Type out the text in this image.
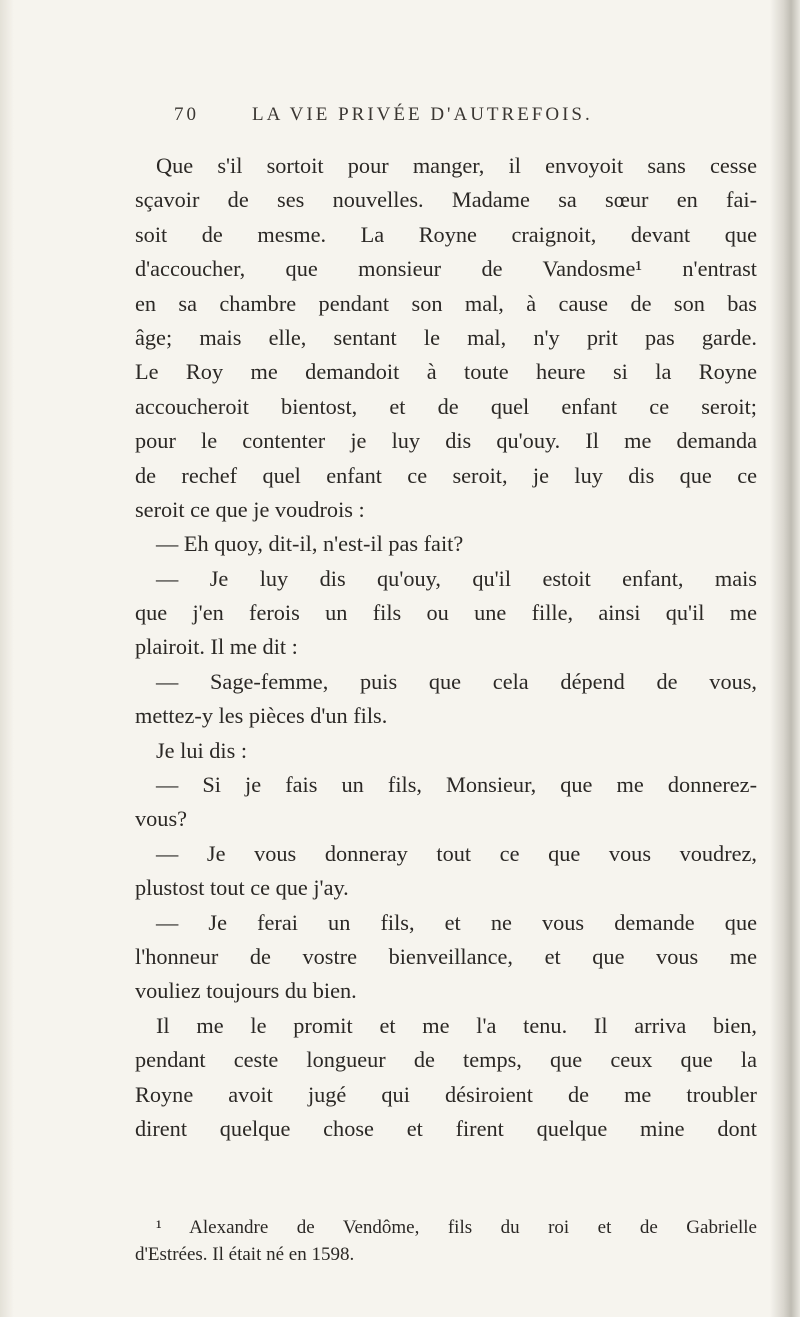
70	LA VIE PRIVÉE D'AUTREFOIS.
Que s'il sortoit pour manger, il envoyoit sans cesse
sçavoir de ses nouvelles. Madame sa sœur en fai-
soit de mesme. La Royne craignoit, devant que
d'accoucher, que monsieur de Vandosme¹ n'entrast
en sa chambre pendant son mal, à cause de son bas
âge; mais elle, sentant le mal, n'y prit pas garde.
Le Roy me demandoit à toute heure si la Royne
accoucheroit bientost, et de quel enfant ce seroit;
pour le contenter je luy dis qu'ouy. Il me demanda
de rechef quel enfant ce seroit, je luy dis que ce
seroit ce que je voudrois :
— Eh quoy, dit-il, n'est-il pas fait?
— Je luy dis qu'ouy, qu'il estoit enfant, mais
que j'en ferois un fils ou une fille, ainsi qu'il me
plairoit. Il me dit :
— Sage-femme, puis que cela dépend de vous,
mettez-y les pièces d'un fils.
Je lui dis :
— Si je fais un fils, Monsieur, que me donnerez-
vous?
— Je vous donneray tout ce que vous voudrez,
plustost tout ce que j'ay.
— Je ferai un fils, et ne vous demande que
l'honneur de vostre bienveillance, et que vous me
vouliez toujours du bien.
Il me le promit et me l'a tenu. Il arriva bien,
pendant ceste longueur de temps, que ceux que la
Royne avoit jugé qui désiroient de me troubler
dirent quelque chose et firent quelque mine dont
¹ Alexandre de Vendôme, fils du roi et de Gabrielle
d'Estrées. Il était né en 1598.
